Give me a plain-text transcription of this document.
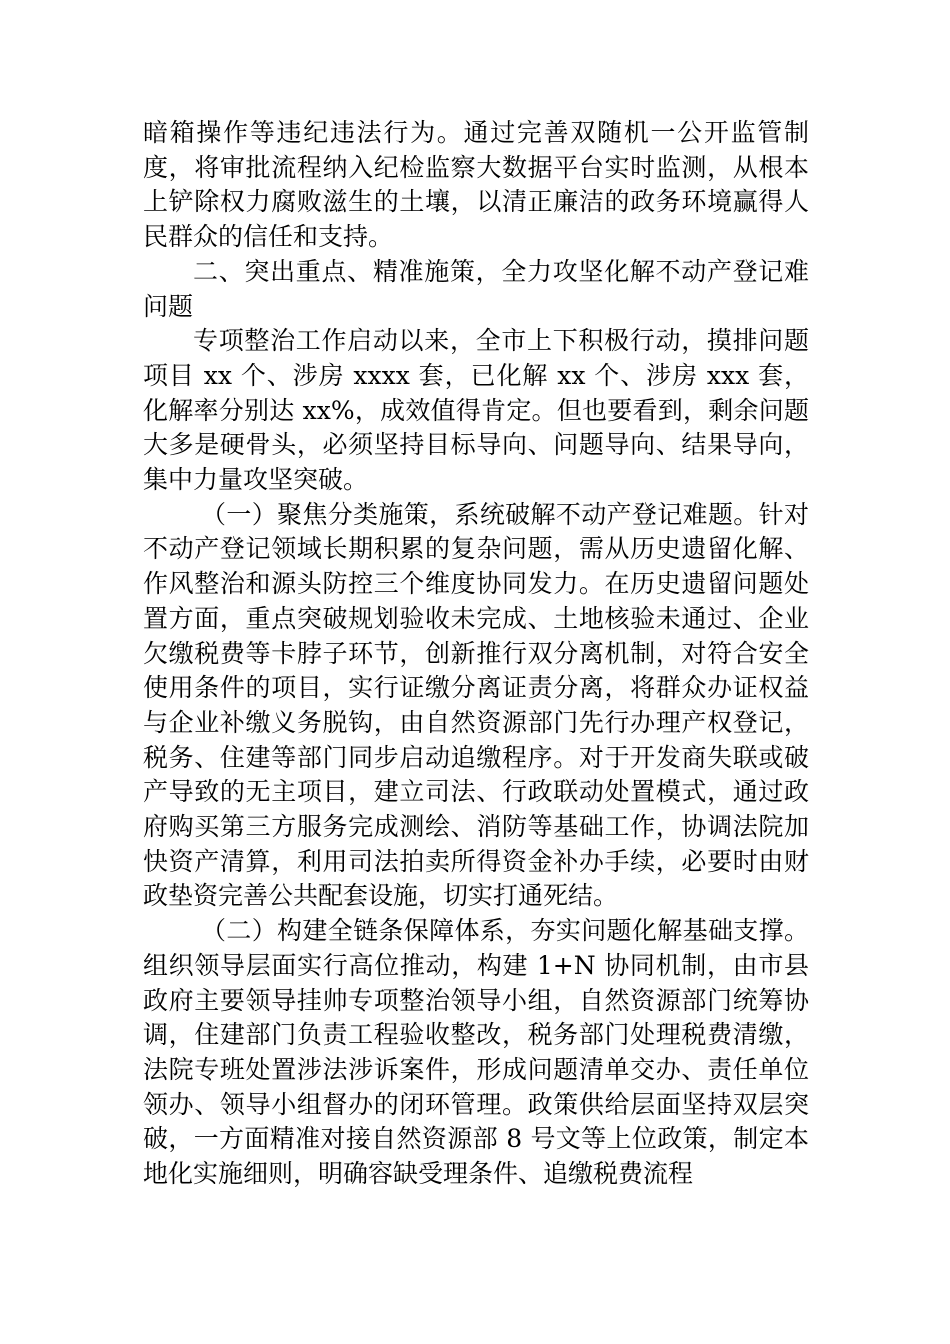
暗箱操作等违纪违法行为。通过完善双随机一公开监管制度，将审批流程纳入纪检监察大数据平台实时监测，从根本上铲除权力腐败滋生的土壤，以清正廉洁的政务环境赢得人民群众的信任和支持。

二、突出重点、精准施策，全力攻坚化解不动产登记难问题

专项整治工作启动以来，全市上下积极行动，摸排问题项目 xx 个、涉房 xxxx 套，已化解 xx 个、涉房 xxx 套，化解率分别达 xx%，成效值得肯定。但也要看到，剩余问题大多是硬骨头，必须坚持目标导向、问题导向、结果导向，集中力量攻坚突破。

（一）聚焦分类施策，系统破解不动产登记难题。针对不动产登记领域长期积累的复杂问题，需从历史遗留化解、作风整治和源头防控三个维度协同发力。在历史遗留问题处置方面，重点突破规划验收未完成、土地核验未通过、企业欠缴税费等卡脖子环节，创新推行双分离机制，对符合安全使用条件的项目，实行证缴分离证责分离，将群众办证权益与企业补缴义务脱钩，由自然资源部门先行办理产权登记，税务、住建等部门同步启动追缴程序。对于开发商失联或破产导致的无主项目，建立司法、行政联动处置模式，通过政府购买第三方服务完成测绘、消防等基础工作，协调法院加快资产清算，利用司法拍卖所得资金补办手续，必要时由财政垫资完善公共配套设施，切实打通死结。

（二）构建全链条保障体系，夯实问题化解基础支撑。组织领导层面实行高位推动，构建 1+N 协同机制，由市县政府主要领导挂帅专项整治领导小组，自然资源部门统筹协调，住建部门负责工程验收整改，税务部门处理税费清缴，法院专班处置涉法涉诉案件，形成问题清单交办、责任单位领办、领导小组督办的闭环管理。政策供给层面坚持双层突破，一方面精准对接自然资源部 8 号文等上位政策，制定本地化实施细则，明确容缺受理条件、追缴税费流程
